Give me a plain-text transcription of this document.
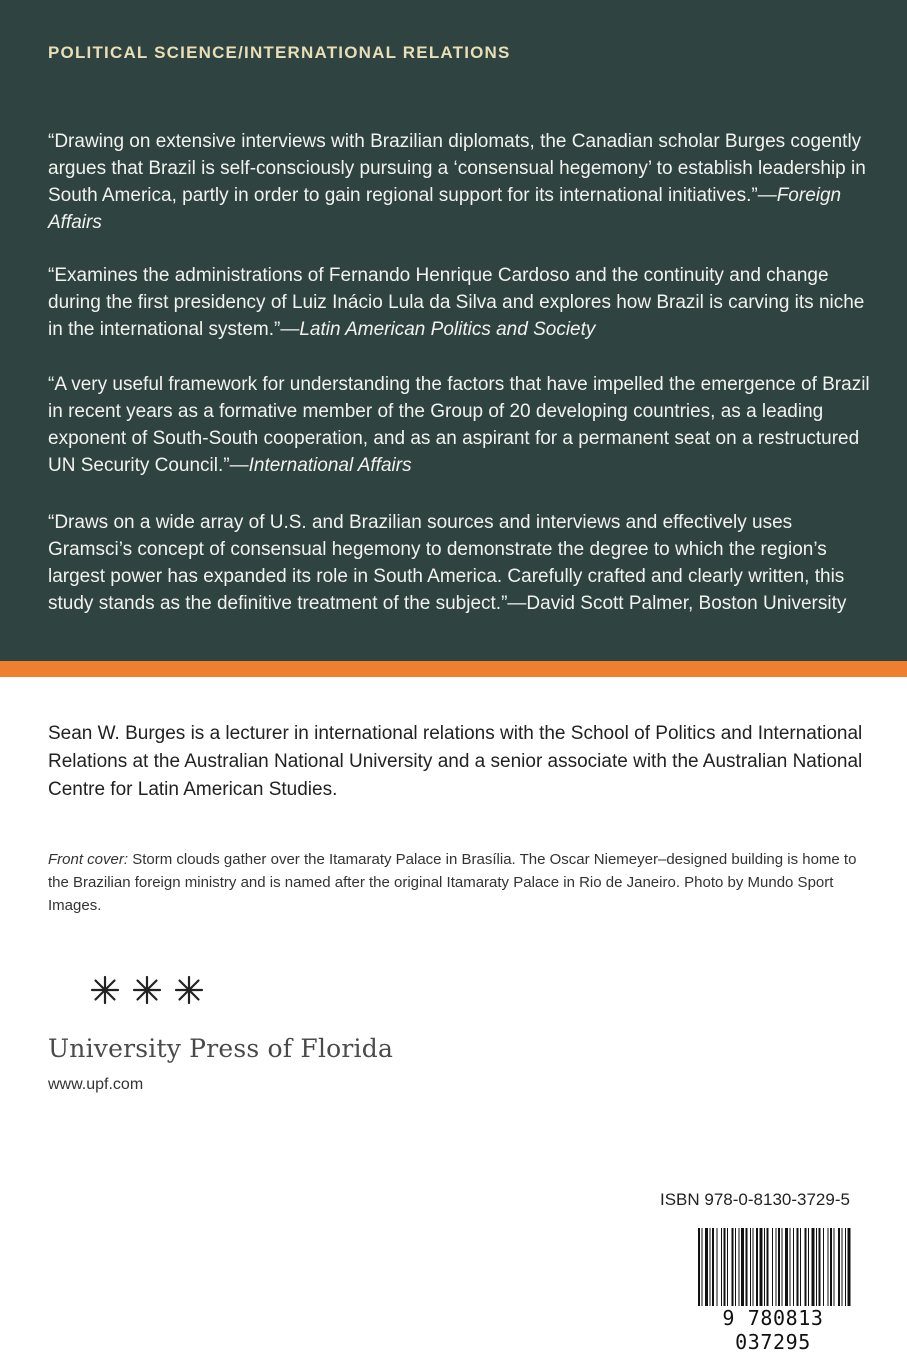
POLITICAL SCIENCE/INTERNATIONAL RELATIONS
“Drawing on extensive interviews with Brazilian diplomats, the Canadian scholar Burges cogently argues that Brazil is self-consciously pursuing a ‘consensual hegemony’ to establish leadership in South America, partly in order to gain regional support for its international initiatives.”—Foreign Affairs
“Examines the administrations of Fernando Henrique Cardoso and the continuity and change during the first presidency of Luiz Inácio Lula da Silva and explores how Brazil is carving its niche in the international system.”—Latin American Politics and Society
“A very useful framework for understanding the factors that have impelled the emergence of Brazil in recent years as a formative member of the Group of 20 developing countries, as a leading exponent of South-South cooperation, and as an aspirant for a permanent seat on a restructured UN Security Council.”—International Affairs
“Draws on a wide array of U.S. and Brazilian sources and interviews and effectively uses Gramsci’s concept of consensual hegemony to demonstrate the degree to which the region’s largest power has expanded its role in South America. Carefully crafted and clearly written, this study stands as the definitive treatment of the subject.”—David Scott Palmer, Boston University
Sean W. Burges is a lecturer in international relations with the School of Politics and International Relations at the Australian National University and a senior associate with the Australian National Centre for Latin American Studies.
Front cover: Storm clouds gather over the Itamaraty Palace in Brasília. The Oscar Niemeyer–designed building is home to the Brazilian foreign ministry and is named after the original Itamaraty Palace in Rio de Janeiro. Photo by Mundo Sport Images.
University Press of Florida
www.upf.com
ISBN 978-0-8130-3729-5
9 780813 037295
